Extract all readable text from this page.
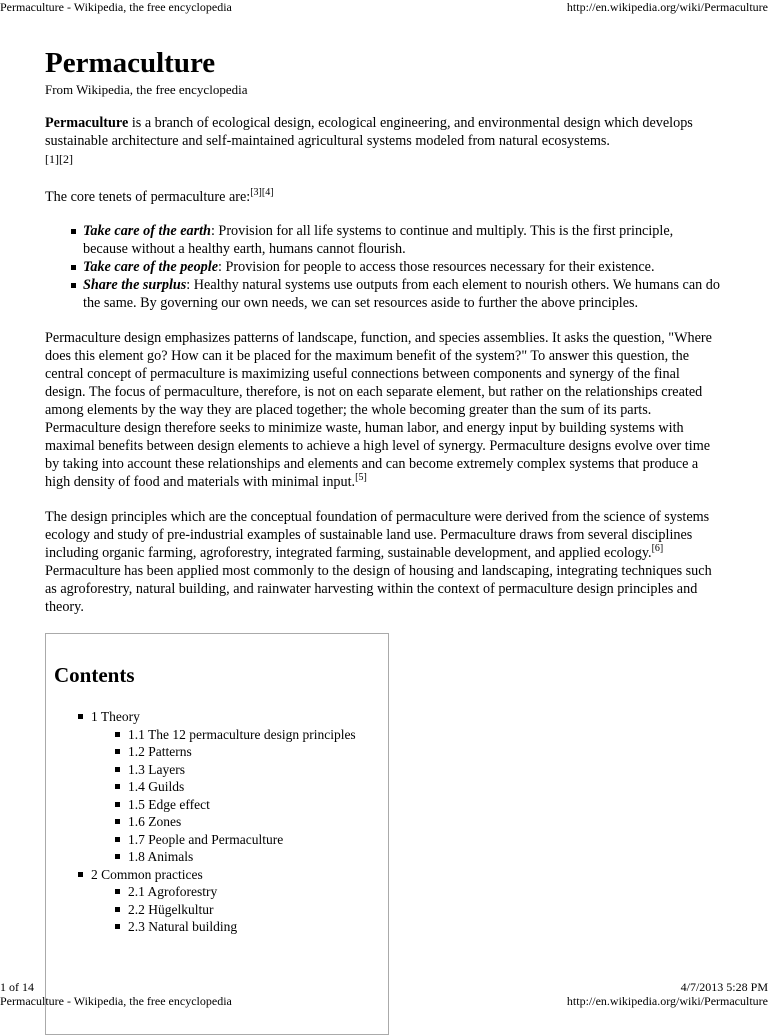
Permaculture - Wikipedia, the free encyclopedia	http://en.wikipedia.org/wiki/Permaculture
Permaculture
From Wikipedia, the free encyclopedia

Permaculture is a branch of ecological design, ecological engineering, and environmental design which develops sustainable architecture and self-maintained agricultural systems modeled from natural ecosystems.
[1][2]

The core tenets of permaculture are:[3][4]

Take care of the earth: Provision for all life systems to continue and multiply. This is the first principle, because without a healthy earth, humans cannot flourish.
Take care of the people: Provision for people to access those resources necessary for their existence.
Share the surplus: Healthy natural systems use outputs from each element to nourish others. We humans can do the same. By governing our own needs, we can set resources aside to further the above principles.

Permaculture design emphasizes patterns of landscape, function, and species assemblies. It asks the question, "Where does this element go? How can it be placed for the maximum benefit of the system?" To answer this question, the central concept of permaculture is maximizing useful connections between components and synergy of the final design. The focus of permaculture, therefore, is not on each separate element, but rather on the relationships created among elements by the way they are placed together; the whole becoming greater than the sum of its parts. Permaculture design therefore seeks to minimize waste, human labor, and energy input by building systems with maximal benefits between design elements to achieve a high level of synergy. Permaculture designs evolve over time by taking into account these relationships and elements and can become extremely complex systems that produce a high density of food and materials with minimal input.[5]

The design principles which are the conceptual foundation of permaculture were derived from the science of systems ecology and study of pre-industrial examples of sustainable land use. Permaculture draws from several disciplines including organic farming, agroforestry, integrated farming, sustainable development, and applied ecology.[6] Permaculture has been applied most commonly to the design of housing and landscaping, integrating techniques such as agroforestry, natural building, and rainwater harvesting within the context of permaculture design principles and theory.

Contents
1 Theory
1.1 The 12 permaculture design principles
1.2 Patterns
1.3 Layers
1.4 Guilds
1.5 Edge effect
1.6 Zones
1.7 People and Permaculture
1.8 Animals
2 Common practices
2.1 Agroforestry
2.2 Hügelkultur
2.3 Natural building
1 of 14	4/7/2013 5:28 PM
Permaculture - Wikipedia, the free encyclopedia	http://en.wikipedia.org/wiki/Permaculture
